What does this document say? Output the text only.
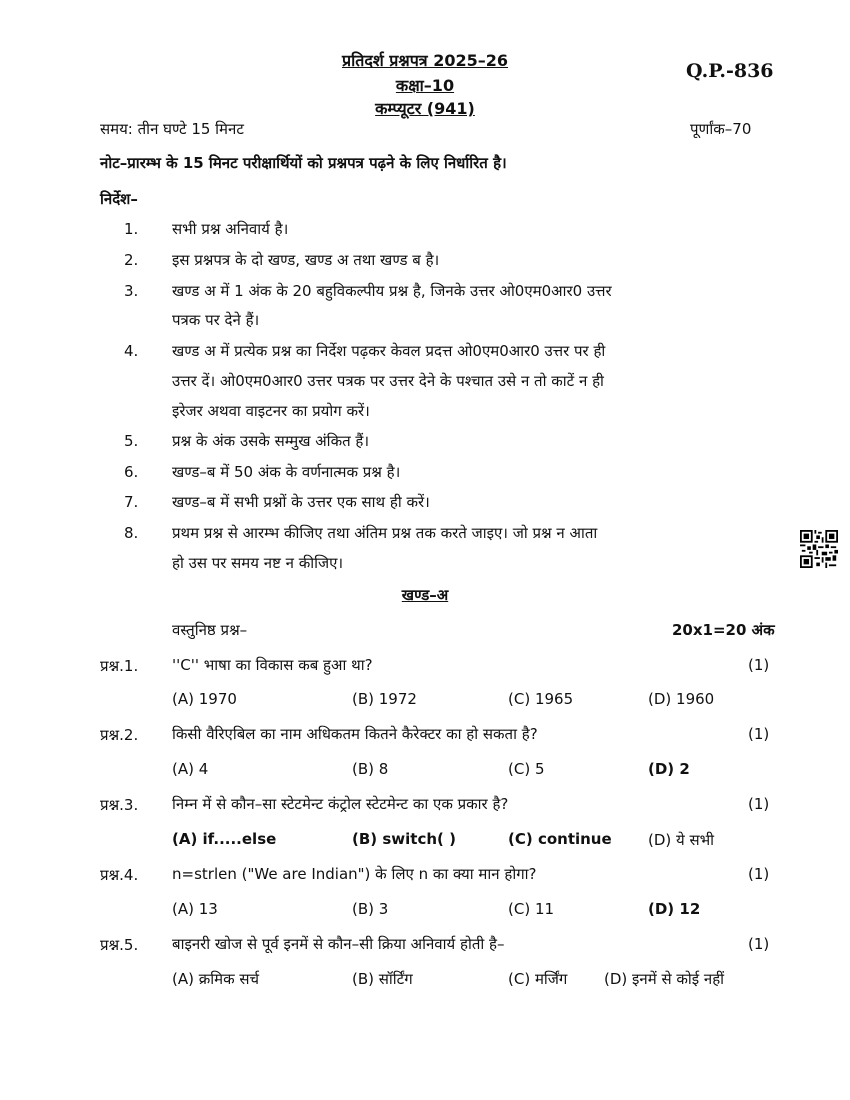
प्रतिदर्श प्रश्नपत्र 2025–26
कक्षा–10
कम्प्यूटर (941)
Q.P.-836
समय: तीन घण्टे 15 मिनट	पूर्णांक–70
नोट–प्रारम्भ के 15 मिनट परीक्षार्थियों को प्रश्नपत्र पढ़ने के लिए निर्धारित है।
निर्देश–
1. सभी प्रश्न अनिवार्य है।
2. इस प्रश्नपत्र के दो खण्ड, खण्ड अ तथा खण्ड ब है।
3. खण्ड अ में 1 अंक के 20 बहुविकल्पीय प्रश्न है, जिनके उत्तर ओ0एम0आर0 उत्तर
पत्रक पर देने हैं।
4. खण्ड अ में प्रत्येक प्रश्न का निर्देश पढ़कर केवल प्रदत्त ओ0एम0आर0 उत्तर पर ही
उत्तर दें। ओ0एम0आर0 उत्तर पत्रक पर उत्तर देने के पश्चात उसे न तो काटें न ही
इरेजर अथवा वाइटनर का प्रयोग करें।
5. प्रश्न के अंक उसके सम्मुख अंकित हैं।
6. खण्ड–ब में 50 अंक के वर्णनात्मक प्रश्न है।
7. खण्ड–ब में सभी प्रश्नों के उत्तर एक साथ ही करें।
8. प्रथम प्रश्न से आरम्भ कीजिए तथा अंतिम प्रश्न तक करते जाइए। जो प्रश्न न आता
हो उस पर समय नष्ट न कीजिए।
खण्ड–अ
वस्तुनिष्ठ प्रश्न–	20x1=20 अंक
प्रश्न.1. ''C'' भाषा का विकास कब हुआ था?	(1)
(A) 1970	(B) 1972	(C) 1965	(D) 1960
प्रश्न.2. किसी वैरिएबिल का नाम अधिकतम कितने कैरेक्टर का हो सकता है?	(1)
(A) 4	(B) 8	(C) 5	(D) 2
प्रश्न.3. निम्न में से कौन–सा स्टेटमेन्ट कंट्रोल स्टेटमेन्ट का एक प्रकार है?	(1)
(A) if.....else	(B) switch( )	(C) continue (D) ये सभी
प्रश्न.4. n=strlen ("We are Indian") के लिए n का क्या मान होगा?	(1)
(A) 13	(B) 3	(C) 11	(D) 12
प्रश्न.5. बाइनरी खोज से पूर्व इनमें से कौन–सी क्रिया अनिवार्य होती है–	(1)
(A) क्रमिक सर्च	(B) सॉर्टिंग	(C) मर्जिंग (D) इनमें से कोई नहीं
